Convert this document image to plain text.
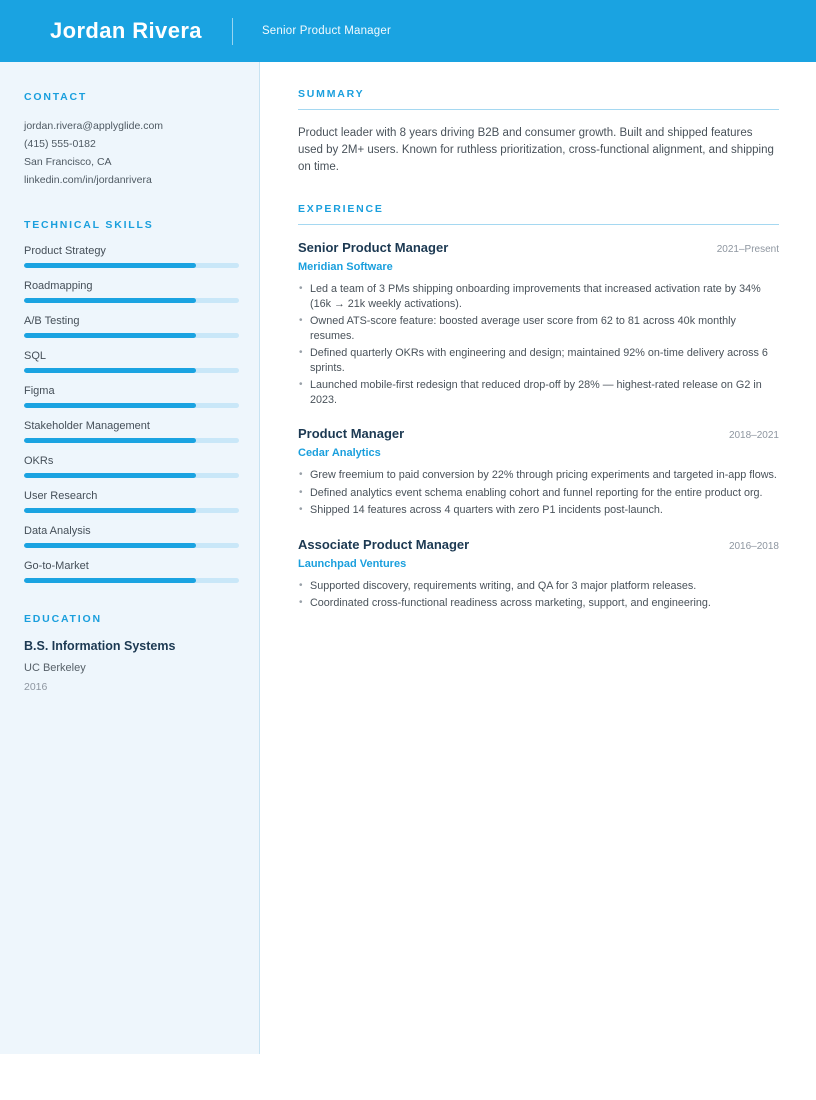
Jordan Rivera	Senior Product Manager
CONTACT

jordan.rivera@applyglide.com

(415) 555-0182

San Francisco, CA

linkedin.com/in/jordanrivera

TECHNICAL SKILLS

Product Strategy

Roadmapping

A/B Testing

SQL

Figma

Stakeholder Management

OKRs

User Research

Data Analysis

Go-to-Market

EDUCATION

B.S. Information Systems

UC Berkeley

2016

SUMMARY

Product leader with 8 years driving B2B and consumer growth. Built and shipped features used by 2M+ users. Known for ruthless prioritization, cross-functional alignment, and shipping on time.

EXPERIENCE
Senior Product Manager	2021–Present
Meridian Software
• Led a team of 3 PMs shipping onboarding improvements that increased activation rate by 34% (16k → 21k weekly activations).
• Owned ATS-score feature: boosted average user score from 62 to 81 across 40k monthly resumes.
• Defined quarterly OKRs with engineering and design; maintained 92% on-time delivery across 6 sprints.
• Launched mobile-first redesign that reduced drop-off by 28% — highest-rated release on G2 in 2023.
Product Manager	2018–2021
Cedar Analytics
• Grew freemium to paid conversion by 22% through pricing experiments and targeted in-app flows.
• Defined analytics event schema enabling cohort and funnel reporting for the entire product org.
• Shipped 14 features across 4 quarters with zero P1 incidents post-launch.
Associate Product Manager	2016–2018
Launchpad Ventures
• Supported discovery, requirements writing, and QA for 3 major platform releases.
• Coordinated cross-functional readiness across marketing, support, and engineering.
